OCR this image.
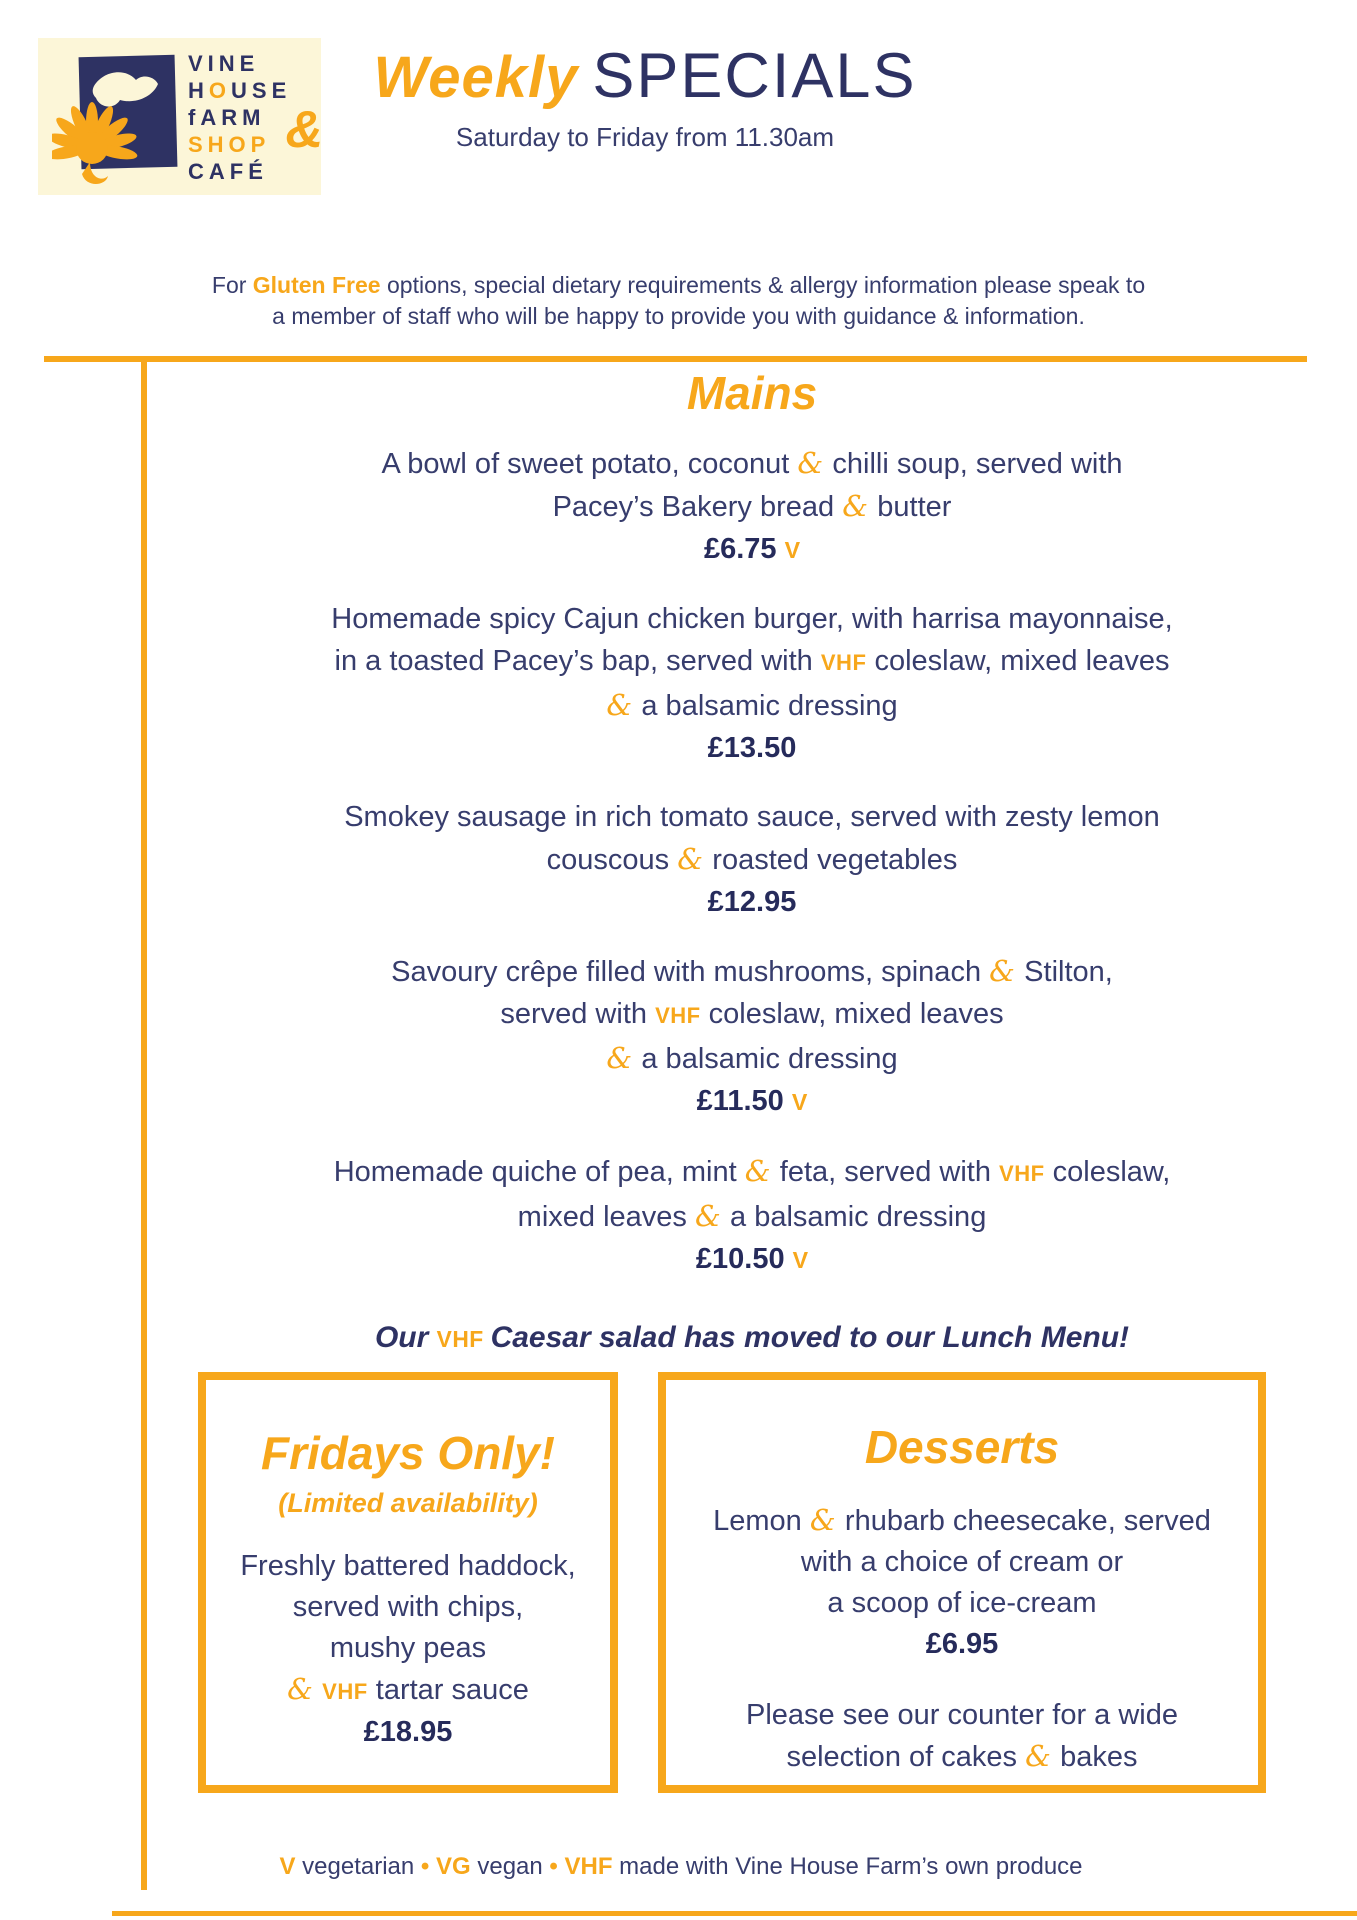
VINE
HOUSE
fARM
SHOP
CAFÉ
&
Weekly SPECIALS
Saturday to Friday from 11.30am
For Gluten Free options, special dietary requirements & allergy information please speak to
a member of staff who will be happy to provide you with guidance & information.
Mains
A bowl of sweet potato, coconut & chilli soup, served with
Pacey’s Bakery bread & butter
£6.75 V
Homemade spicy Cajun chicken burger, with harrisa mayonnaise,
in a toasted Pacey’s bap, served with VHF coleslaw, mixed leaves
& a balsamic dressing
£13.50
Smokey sausage in rich tomato sauce, served with zesty lemon
couscous & roasted vegetables
£12.95
Savoury crêpe filled with mushrooms, spinach & Stilton,
served with VHF coleslaw, mixed leaves
& a balsamic dressing
£11.50 V
Homemade quiche of pea, mint & feta, served with VHF coleslaw,
mixed leaves & a balsamic dressing
£10.50 V
Our VHF Caesar salad has moved to our Lunch Menu!
Fridays Only!
(Limited availability)
Freshly battered haddock,
served with chips,
mushy peas
& VHF tartar sauce
£18.95
Desserts
Lemon & rhubarb cheesecake, served
with a choice of cream or
a scoop of ice-cream
£6.95
Please see our counter for a wide
selection of cakes & bakes
V vegetarian • VG vegan • VHF made with Vine House Farm’s own produce
